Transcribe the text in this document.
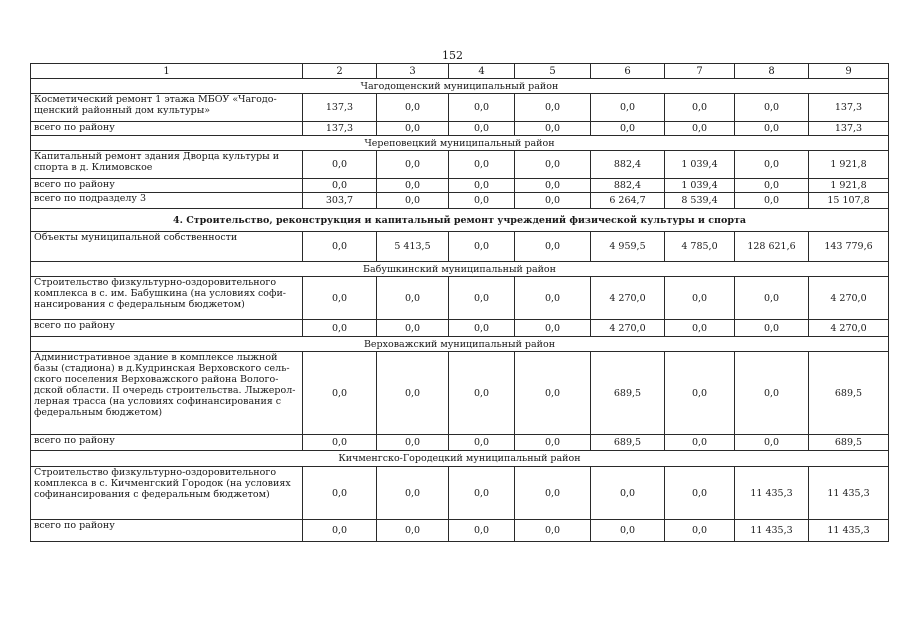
152
1	2	3	4	5	6	7	8	9
Чагодощенский муниципальный район								
Косметический ремонт 1 этажа МБОУ «Чагодо-щенский районный дом культуры»	137,3	0,0	0,0	0,0	0,0	0,0	0,0	137,3
всего по району	137,3	0,0	0,0	0,0	0,0	0,0	0,0	137,3
Череповецкий муниципальный район								
Капитальный ремонт здания Дворца культуры и спорта в д. Климовское	0,0	0,0	0,0	0,0	882,4	1 039,4	0,0	1 921,8
всего по району	0,0	0,0	0,0	0,0	882,4	1 039,4	0,0	1 921,8
всего по подразделу 3	303,7	0,0	0,0	0,0	6 264,7	8 539,4	0,0	15 107,8
4. Строительство, реконструкция и капитальный ремонт учреждений физической культуры и спорта								
Объекты муниципальной собственности	0,0	5 413,5	0,0	0,0	4 959,5	4 785,0	128 621,6	143 779,6
Бабушкинский муниципальный район								
Строительство физкультурно-оздоровительного комплекса в с. им. Бабушкина (на условиях софи-нансирования с федеральным бюджетом)	0,0	0,0	0,0	0,0	4 270,0	0,0	0,0	4 270,0
всего по району	0,0	0,0	0,0	0,0	4 270,0	0,0	0,0	4 270,0
Верховажский муниципальный район								
Административное здание в комплексе лыжной базы (стадиона) в д.Кудринская Верховского сель-ского поселения Верховажского района Волого-дской области. II очередь строительства. Лыжерол-лерная трасса (на условиях софинансирования с федеральным бюджетом)	0,0	0,0	0,0	0,0	689,5	0,0	0,0	689,5
всего по району	0,0	0,0	0,0	0,0	689,5	0,0	0,0	689,5
Кичменгско-Городецкий муниципальный район								
Строительство физкультурно-оздоровительного комплекса в с. Кичменгский Городок (на условиях софинансирования с федеральным бюджетом)	0,0	0,0	0,0	0,0	0,0	0,0	11 435,3	11 435,3
всего по району	0,0	0,0	0,0	0,0	0,0	0,0	11 435,3	11 435,3
